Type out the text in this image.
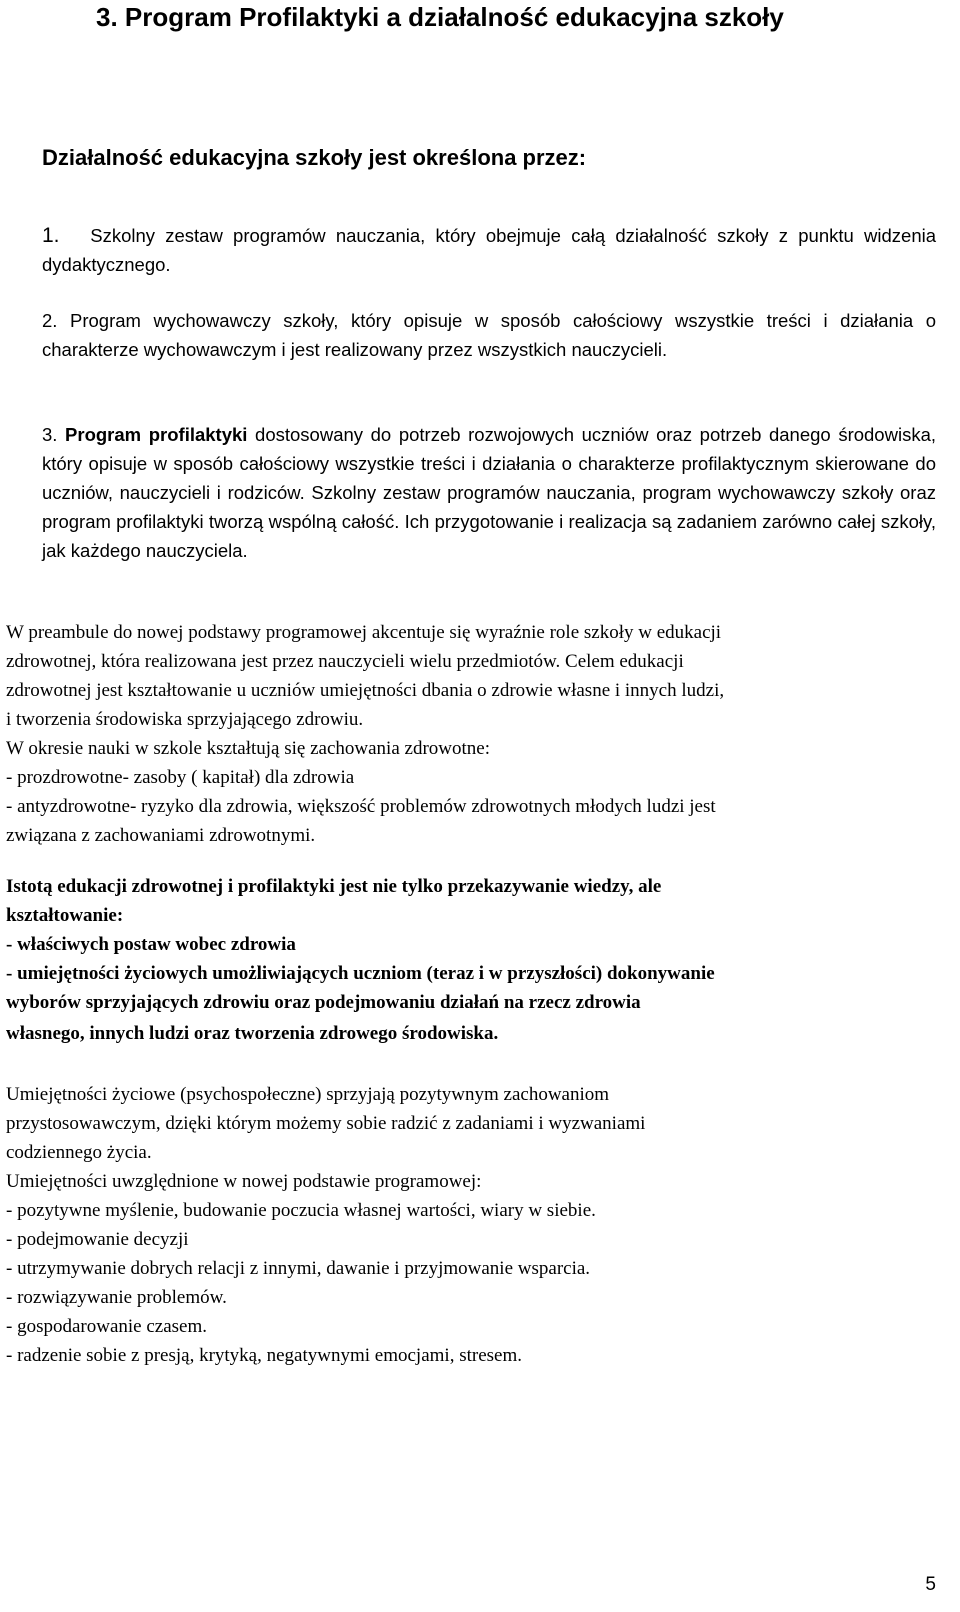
3. Program Profilaktyki a działalność edukacyjna szkoły

Działalność edukacyjna szkoły jest określona przez:

1. Szkolny zestaw programów nauczania, który obejmuje całą działalność szkoły z punktu widzenia dydaktycznego.

2. Program wychowawczy szkoły, który opisuje w sposób całościowy wszystkie treści i działania o charakterze wychowawczym i jest realizowany przez wszystkich nauczycieli.

3. Program profilaktyki dostosowany do potrzeb rozwojowych uczniów oraz potrzeb danego środowiska, który opisuje w sposób całościowy wszystkie treści i działania o charakterze profilaktycznym skierowane do uczniów, nauczycieli i rodziców. Szkolny zestaw programów nauczania, program wychowawczy szkoły oraz program profilaktyki tworzą wspólną całość. Ich przygotowanie i realizacja są zadaniem zarówno całej szkoły, jak każdego nauczyciela.

W preambule do nowej podstawy programowej akcentuje się wyraźnie role szkoły w edukacji
zdrowotnej, która realizowana jest przez nauczycieli wielu przedmiotów. Celem edukacji
zdrowotnej jest kształtowanie u uczniów umiejętności dbania o zdrowie własne i innych ludzi,
i tworzenia środowiska sprzyjającego zdrowiu.
W okresie nauki w szkole kształtują się zachowania zdrowotne:
- prozdrowotne- zasoby ( kapitał) dla zdrowia
- antyzdrowotne- ryzyko dla zdrowia, większość problemów zdrowotnych młodych ludzi jest
związana z zachowaniami zdrowotnymi.
Istotą edukacji zdrowotnej i profilaktyki jest nie tylko przekazywanie wiedzy, ale
kształtowanie:
- właściwych postaw wobec zdrowia
- umiejętności życiowych umożliwiających uczniom (teraz i w przyszłości) dokonywanie
wyborów sprzyjających zdrowiu oraz podejmowaniu działań na rzecz zdrowia
własnego, innych ludzi oraz tworzenia zdrowego środowiska.
Umiejętności życiowe (psychospołeczne) sprzyjają pozytywnym zachowaniom
przystosowawczym, dzięki którym możemy sobie radzić z zadaniami i wyzwaniami
codziennego życia.
Umiejętności uwzględnione w nowej podstawie programowej:
- pozytywne myślenie, budowanie poczucia własnej wartości, wiary w siebie.
- podejmowanie decyzji
- utrzymywanie dobrych relacji z innymi, dawanie i przyjmowanie wsparcia.
- rozwiązywanie problemów.
- gospodarowanie czasem.
- radzenie sobie z presją, krytyką, negatywnymi emocjami, stresem.
5
